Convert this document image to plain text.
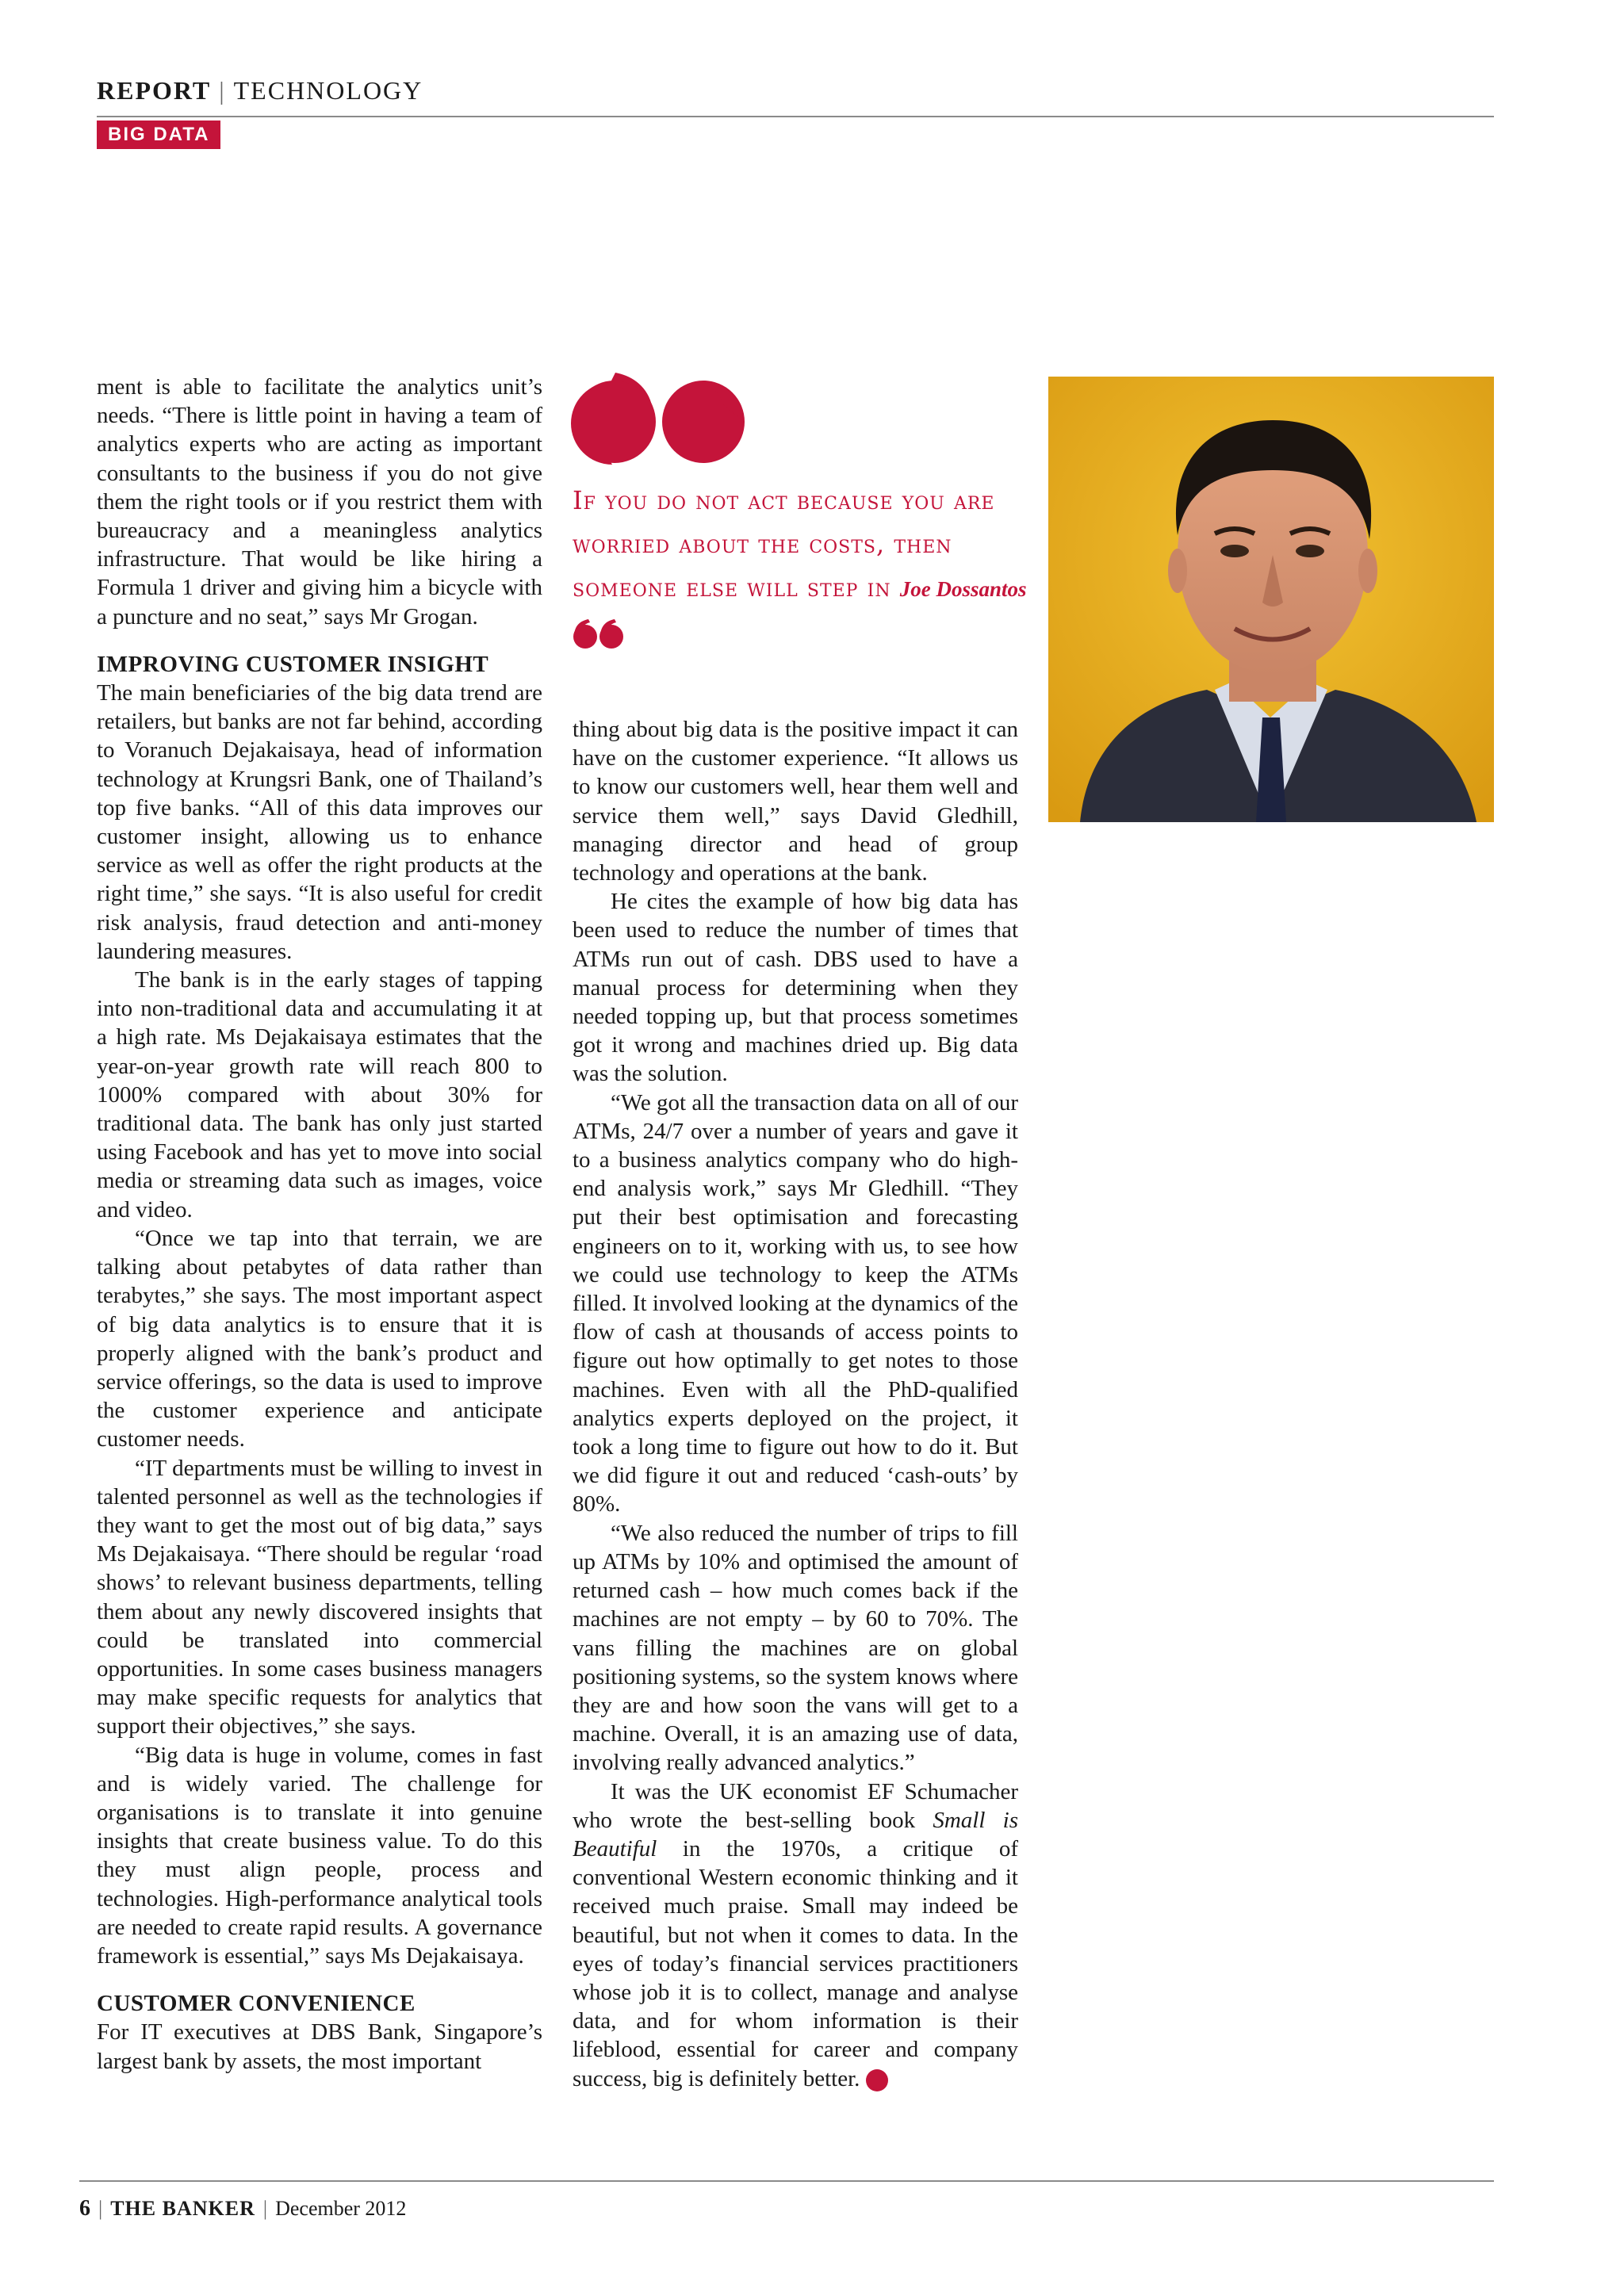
REPORT | TECHNOLOGY
BIG DATA

ment is able to facilitate the analytics unit’s needs. “There is little point in having a team of analytics experts who are acting as important consultants to the business if you do not give them the right tools or if you restrict them with bureaucracy and a meaningless analytics infrastructure. That would be like hiring a Formula 1 driver and giving him a bicycle with a puncture and no seat,” says Mr Grogan.

IMPROVING CUSTOMER INSIGHT

The main beneficiaries of the big data trend are retailers, but banks are not far behind, according to Voranuch Dejakaisaya, head of information technology at Krungsri Bank, one of Thailand’s top five banks. “All of this data improves our customer insight, allowing us to enhance service as well as offer the right products at the right time,” she says. “It is also useful for credit risk analysis, fraud detection and anti-money laundering measures.

The bank is in the early stages of tapping into non-traditional data and accumulating it at a high rate. Ms Dejakaisaya estimates that the year-on-year growth rate will reach 800 to 1000% compared with about 30% for traditional data. The bank has only just started using Facebook and has yet to move into social media or streaming data such as images, voice and video.

“Once we tap into that terrain, we are talking about petabytes of data rather than terabytes,” she says. The most important aspect of big data analytics is to ensure that it is properly aligned with the bank’s product and service offerings, so the data is used to improve the customer experience and anticipate customer needs.

“IT departments must be willing to invest in talented personnel as well as the technologies if they want to get the most out of big data,” says Ms Dejakaisaya. “There should be regular ‘road shows’ to relevant business departments, telling them about any newly discovered insights that could be translated into commercial opportunities. In some cases business managers may make specific requests for analytics that support their objectives,” she says.

“Big data is huge in volume, comes in fast and is widely varied. The challenge for organisations is to translate it into genuine insights that create business value. To do this they must align people, process and technologies. High-performance analytical tools are needed to create rapid results. A governance framework is essential,” says Ms Dejakaisaya.

CUSTOMER CONVENIENCE

For IT executives at DBS Bank, Singapore’s largest bank by assets, the most important

If you do not act because you are worried about the costs, then someone else will step in Joe Dossantos

thing about big data is the positive impact it can have on the customer experience. “It allows us to know our customers well, hear them well and service them well,” says David Gledhill, managing director and head of group technology and operations at the bank.

He cites the example of how big data has been used to reduce the number of times that ATMs run out of cash. DBS used to have a manual process for determining when they needed topping up, but that process sometimes got it wrong and machines dried up. Big data was the solution.

“We got all the transaction data on all of our ATMs, 24/7 over a number of years and gave it to a business analytics company who do high-end analysis work,” says Mr Gledhill. “They put their best optimisation and forecasting engineers on to it, working with us, to see how we could use technology to keep the ATMs filled. It involved looking at the dynamics of the flow of cash at thousands of access points to figure out how optimally to get notes to those machines. Even with all the PhD-qualified analytics experts deployed on the project, it took a long time to figure out how to do it. But we did figure it out and reduced ‘cash-outs’ by 80%.

“We also reduced the number of trips to fill up ATMs by 10% and optimised the amount of returned cash – how much comes back if the machines are not empty – by 60 to 70%. The vans filling the machines are on global positioning systems, so the system knows where they are and how soon the vans will get to a machine. Overall, it is an amazing use of data, involving really advanced analytics.”

It was the UK economist EF Schumacher who wrote the best-selling book Small is Beautiful in the 1970s, a critique of conventional Western economic thinking and it received much praise. Small may indeed be beautiful, but not when it comes to data. In the eyes of today’s financial services practitioners whose job it is to collect, manage and analyse data, and for whom information is their lifeblood, essential for career and company success, big is definitely better.	TB

6 | THE BANKER | December 2012
